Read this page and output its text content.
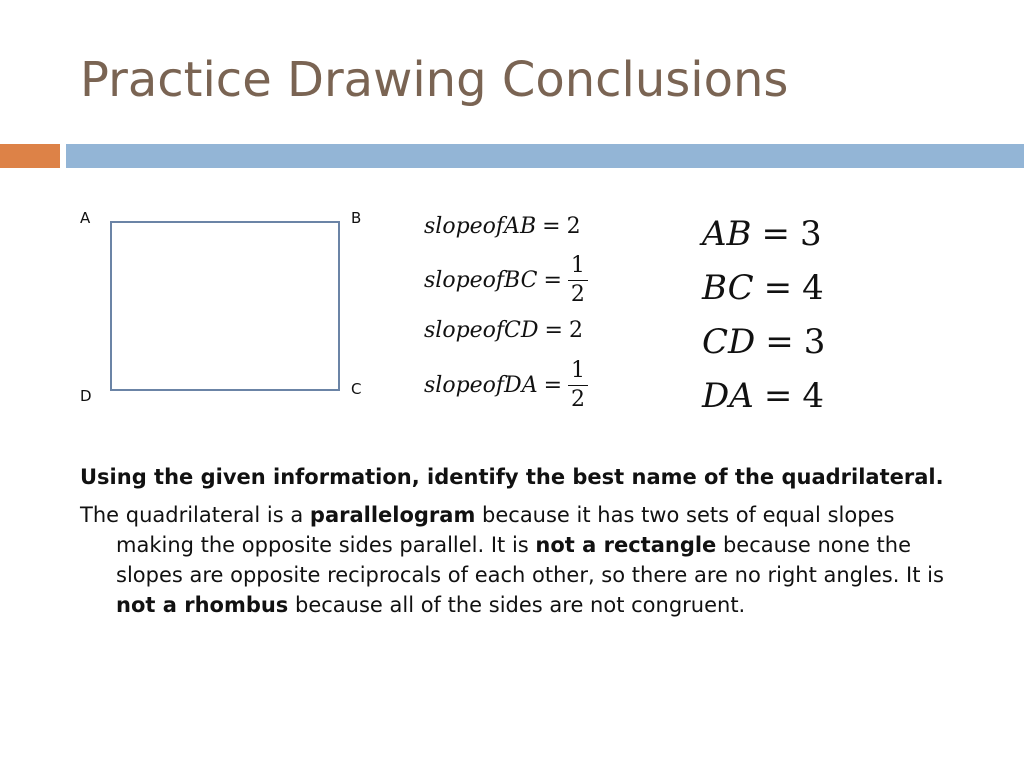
Practice Drawing Conclusions
A	B
C
D
slopeofAB = 2
slopeofBC = $\frac{1}{2}$
slopeofCD = 2
slopeofDA = $\frac{1}{2}$
AB = 3
BC = 4
CD = 3
DA = 4

Using the given information, identify the best name of the quadrilateral.

The quadrilateral is a parallelogram because it has two sets of equal slopes making the opposite sides parallel. It is not a rectangle because none the slopes are opposite reciprocals of each other, so there are no right angles. It is not a rhombus because all of the sides are not congruent.
